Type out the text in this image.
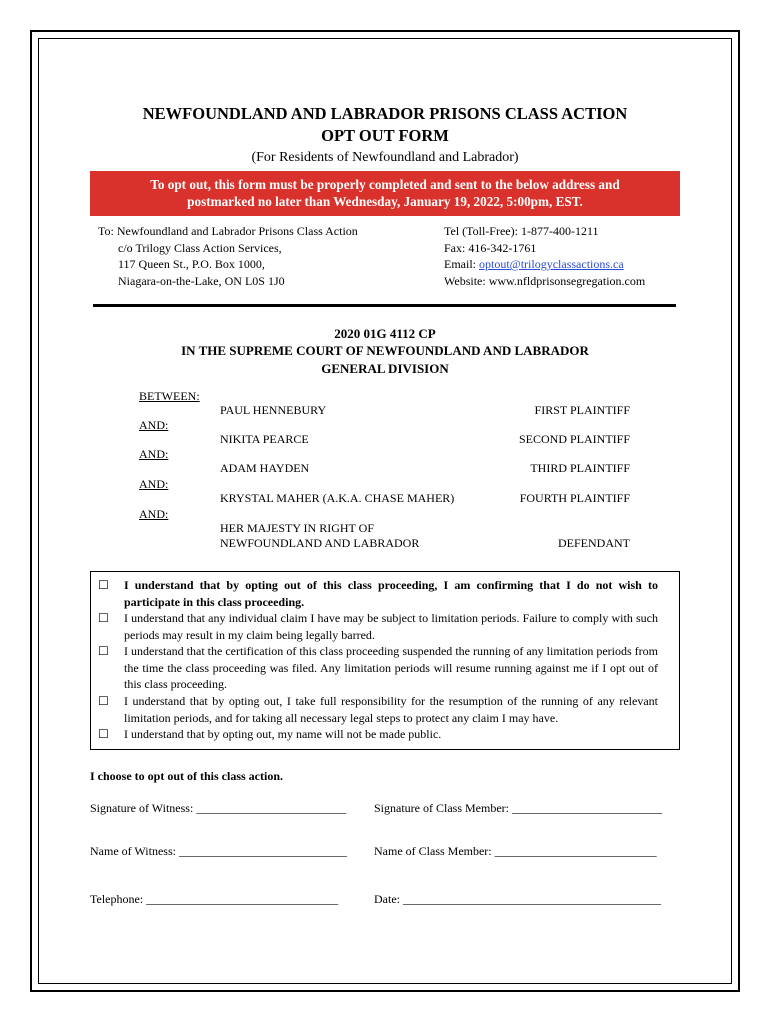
NEWFOUNDLAND AND LABRADOR PRISONS CLASS ACTION
OPT OUT FORM
(For Residents of Newfoundland and Labrador)
To opt out, this form must be properly completed and sent to the below address and
postmarked no later than Wednesday, January 19, 2022, 5:00pm, EST.
To: Newfoundland and Labrador Prisons Class Action
c/o Trilogy Class Action Services,
117 Queen St., P.O. Box 1000,
Niagara-on-the-Lake, ON L0S 1J0
Tel (Toll-Free): 1-877-400-1211
Fax: 416-342-1761
Email: optout@trilogyclassactions.ca
Website: www.nfldprisonsegregation.com
2020 01G 4112 CP
IN THE SUPREME COURT OF NEWFOUNDLAND AND LABRADOR
GENERAL DIVISION
BETWEEN:
PAUL HENNEBURY	FIRST PLAINTIFF
AND:
NIKITA PEARCE	SECOND PLAINTIFF
AND:
ADAM HAYDEN	THIRD PLAINTIFF
AND:
KRYSTAL MAHER (A.K.A. CHASE MAHER)	FOURTH PLAINTIFF
AND:
HER MAJESTY IN RIGHT OF
NEWFOUNDLAND AND LABRADOR	DEFENDANT
☐ I understand that by opting out of this class proceeding, I am confirming that I do not wish to participate in this class proceeding.
☐ I understand that any individual claim I have may be subject to limitation periods. Failure to comply with such periods may result in my claim being legally barred.
☐ I understand that the certification of this class proceeding suspended the running of any limitation periods from the time the class proceeding was filed. Any limitation periods will resume running against me if I opt out of this class proceeding.
☐ I understand that by opting out, I take full responsibility for the resumption of the running of any relevant limitation periods, and for taking all necessary legal steps to protect any claim I may have.
☐ I understand that by opting out, my name will not be made public.
I choose to opt out of this class action.
Signature of Witness: _________________________ Signature of Class Member: _________________________
Name of Witness: ____________________________ Name of Class Member: ___________________________
Telephone: ________________________________	Date: ___________________________________________
